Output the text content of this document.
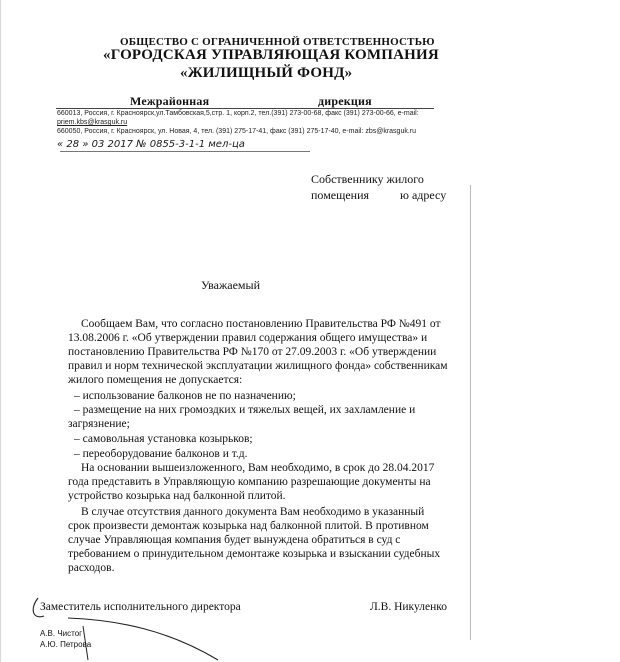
ОБЩЕСТВО С ОГРАНИЧЕННОЙ ОТВЕТСТВЕННОСТЬЮ
«ГОРОДСКАЯ УПРАВЛЯЮЩАЯ КОМПАНИЯ
«ЖИЛИЩНЫЙ ФОНД»
Межрайонная	дирекция
660013, Россия, г. Красноярск,ул.Тамбовская,5,стр. 1, корп.2, тел.(391) 273-00-68, факс (391) 273-00-66, e-mail:
priem.kbs@krasguk.ru
660050, Россия, г. Красноярск, ул. Новая, 4, тел. (391) 275-17-41, факс (391) 275-17-40, e-mail: zbs@krasguk.ru
« 28 » 03 2017 № 0855-3-1-1 мел-ца
Собственнику жилого
помещения	ю адресу
Уважаемый
Сообщаем Вам, что согласно постановлению Правительства РФ №491 от
13.08.2006 г. «Об утверждении правил содержания общего имущества» и
постановлению Правительства РФ №170 от 27.09.2003 г. «Об утверждении
правил и норм технической эксплуатации жилищного фонда» собственникам
жилого помещения не допускается:
– использование балконов не по назначению;
– размещение на них громоздких и тяжелых вещей, их захламление и
загрязнение;
– самовольная установка козырьков;
– переоборудование балконов и т.д.
На основании вышеизложенного, Вам необходимо, в срок до 28.04.2017
года представить в Управляющую компанию разрешающие документы на
устройство козырька над балконной плитой.
В случае отсутствия данного документа Вам необходимо в указанный
срок произвести демонтаж козырька над балконной плитой. В противном
случае Управляющая компания будет вынуждена обратиться в суд с
требованием о принудительном демонтаже козырька и взыскании судебных
расходов.
Заместитель исполнительного директора	Л.В. Никуленко
А.В. Чистог
А.Ю. Петрова
